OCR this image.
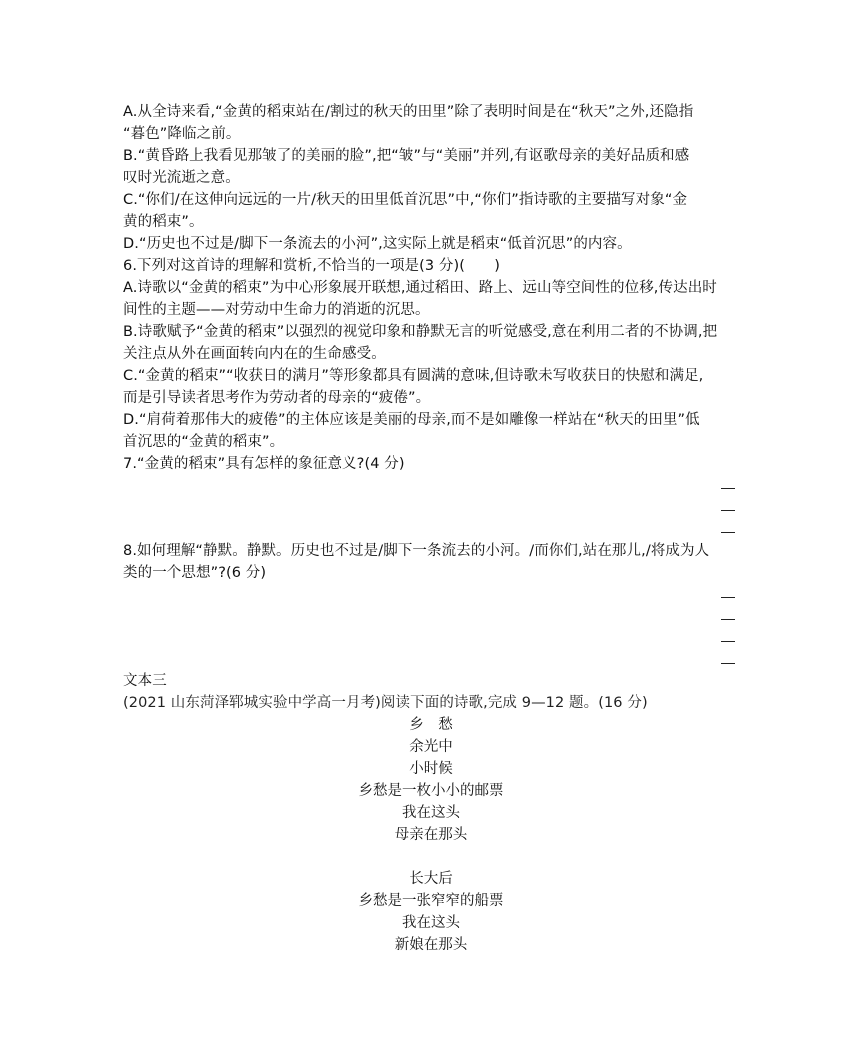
A.从全诗来看,“金黄的稻束站在/割过的秋天的田里”除了表明时间是在“秋天”之外,还隐指
“暮色”降临之前。
B.“黄昏路上我看见那皱了的美丽的脸”,把“皱”与“美丽”并列,有讴歌母亲的美好品质和感
叹时光流逝之意。
C.“你们/在这伸向远远的一片/秋天的田里低首沉思”中,“你们”指诗歌的主要描写对象“金
黄的稻束”。
D.“历史也不过是/脚下一条流去的小河”,这实际上就是稻束“低首沉思”的内容。
6.下列对这首诗的理解和赏析,不恰当的一项是(3 分)(　　)
A.诗歌以“金黄的稻束”为中心形象展开联想,通过稻田、路上、远山等空间性的位移,传达出时
间性的主题——对劳动中生命力的消逝的沉思。
B.诗歌赋予“金黄的稻束”以强烈的视觉印象和静默无言的听觉感受,意在利用二者的不协调,把
关注点从外在画面转向内在的生命感受。
C.“金黄的稻束”“收获日的满月”等形象都具有圆满的意味,但诗歌未写收获日的快慰和满足,
而是引导读者思考作为劳动者的母亲的“疲倦”。
D.“肩荷着那伟大的疲倦”的主体应该是美丽的母亲,而不是如雕像一样站在“秋天的田里”低
首沉思的“金黄的稻束”。
7.“金黄的稻束”具有怎样的象征意义?(4 分)
8.如何理解“静默。静默。历史也不过是/脚下一条流去的小河。/而你们,站在那儿,/将成为人
类的一个思想”?(6 分)
文本三
(2021 山东菏泽郓城实验中学高一月考)阅读下面的诗歌,完成 9—12 题。(16 分)
乡　愁
余光中
小时候
乡愁是一枚小小的邮票
我在这头
母亲在那头
长大后
乡愁是一张窄窄的船票
我在这头
新娘在那头
